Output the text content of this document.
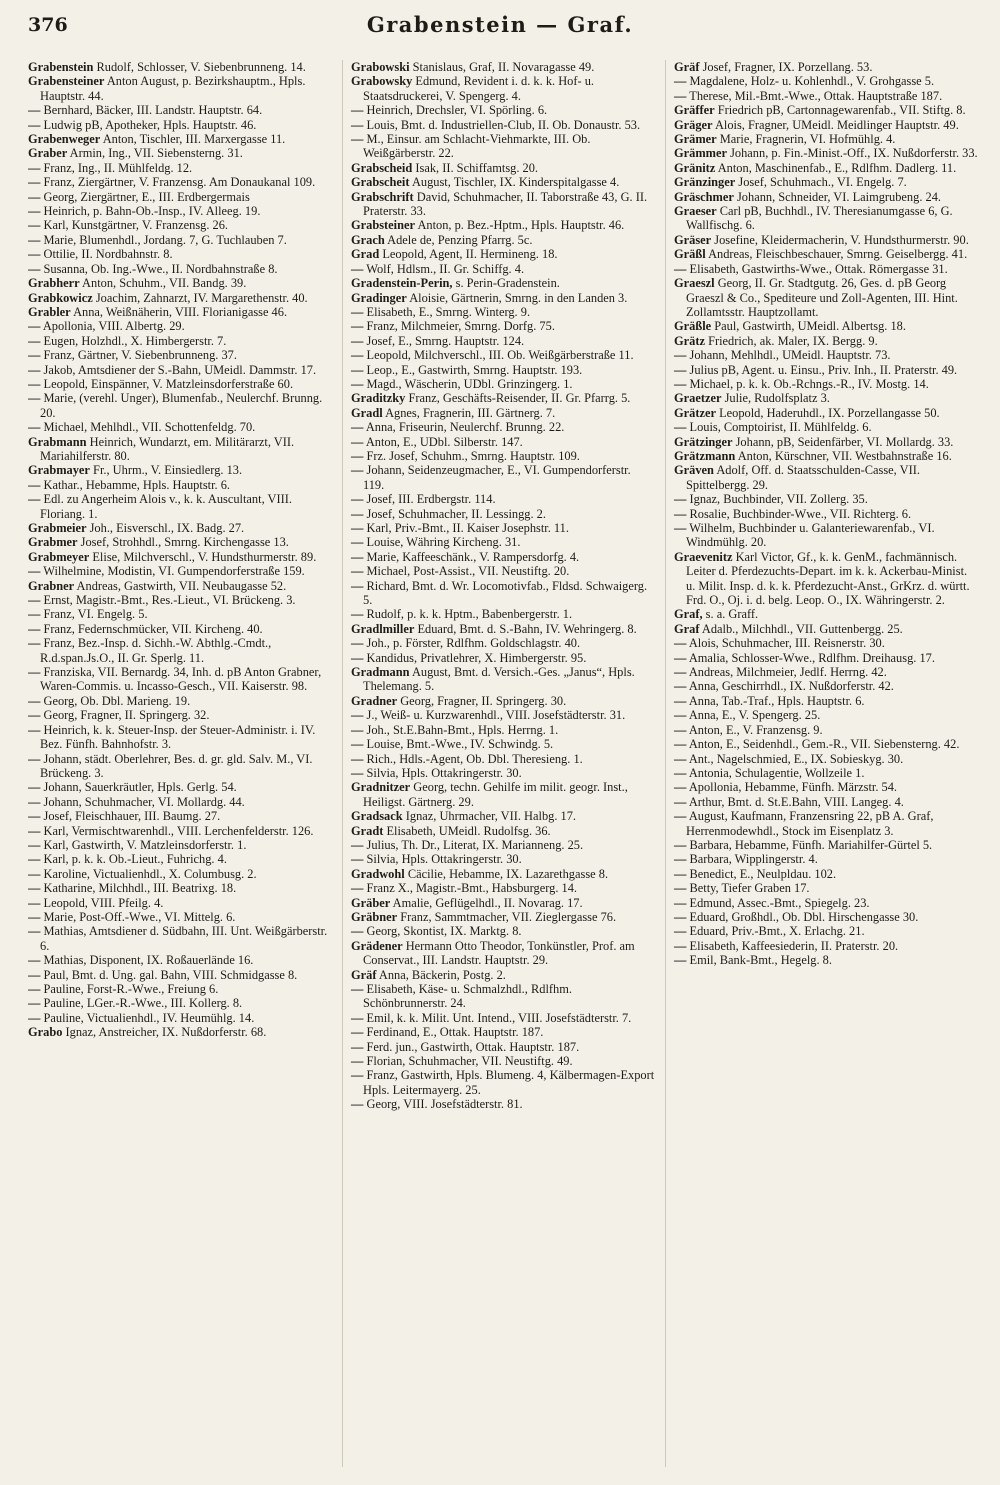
376	Grabenstein — Graf.
Grabenstein Rudolf, Schlosser, V. Siebenbrunneng. 14.
Grabensteiner Anton August, p. Bezirkshauptm., Hpls. Hauptstr. 44.
— Bernhard, Bäcker, III. Landstr. Hauptstr. 64.
— Ludwig pB, Apotheker, Hpls. Hauptstr. 46.
Grabenweger Anton, Tischler, III. Marxergasse 11.
Graber Armin, Ing., VII. Siebensterng. 31.
— Franz, Ing., II. Mühlfeldg. 12.
— Franz, Ziergärtner, V. Franzensg. Am Donaukanal 109.
— Georg, Ziergärtner, E., III. Erdbergermais
— Heinrich, p. Bahn-Ob.-Insp., IV. Alleeg. 19.
— Karl, Kunstgärtner, V. Franzensg. 26.
— Marie, Blumenhdl., Jordang. 7, G. Tuchlauben 7.
— Ottilie, II. Nordbahnstr. 8.
— Susanna, Ob. Ing.-Wwe., II. Nordbahnstraße 8.
Grabherr Anton, Schuhm., VII. Bandg. 39.
Grabkowicz Joachim, Zahnarzt, IV. Margarethenstr. 40.
Grabler Anna, Weißnäherin, VIII. Florianigasse 46.
— Apollonia, VIII. Albertg. 29.
— Eugen, Holzhdl., X. Himbergerstr. 7.
— Franz, Gärtner, V. Siebenbrunneng. 37.
— Jakob, Amtsdiener der S.-Bahn, UMeidl. Dammstr. 17.
— Leopold, Einspänner, V. Matzleinsdorferstraße 60.
— Marie, (verehl. Unger), Blumenfab., Neulerchf. Brunng. 20.
— Michael, Mehlhdl., VII. Schottenfeldg. 70.
Grabmann Heinrich, Wundarzt, em. Militärarzt, VII. Mariahilferstr. 80.
Grabmayer Fr., Uhrm., V. Einsiedlerg. 13.
— Kathar., Hebamme, Hpls. Hauptstr. 6.
— Edl. zu Angerheim Alois v., k. k. Auscultant, VIII. Floriang. 1.
Grabmeier Joh., Eisverschl., IX. Badg. 27.
Grabmer Josef, Strohhdl., Smrng. Kirchengasse 13.
Grabmeyer Elise, Milchverschl., V. Hundsthurmerstr. 89.
— Wilhelmine, Modistin, VI. Gumpendorferstraße 159.
Grabner Andreas, Gastwirth, VII. Neubaugasse 52.
— Ernst, Magistr.-Bmt., Res.-Lieut., VI. Brückeng. 3.
— Franz, VI. Engelg. 5.
— Franz, Federnschmücker, VII. Kircheng. 40.
— Franz, Bez.-Insp. d. Sichh.-W. Abthlg.-Cmdt., R.d.span.Js.O., II. Gr. Sperlg. 11.
— Franziska, VII. Bernardg. 34, Inh. d. pB Anton Grabner, Waren-Commis. u. Incasso-Gesch., VII. Kaiserstr. 98.
— Georg, Ob. Dbl. Marieng. 19.
— Georg, Fragner, II. Springerg. 32.
— Heinrich, k. k. Steuer-Insp. der Steuer-Administr. i. IV. Bez. Fünfh. Bahnhofstr. 3.
— Johann, städt. Oberlehrer, Bes. d. gr. gld. Salv. M., VI. Brückeng. 3.
— Johann, Sauerkräutler, Hpls. Gerlg. 54.
— Johann, Schuhmacher, VI. Mollardg. 44.
— Josef, Fleischhauer, III. Baumg. 27.
— Karl, Vermischtwarenhdl., VIII. Lerchenfelderstr. 126.
— Karl, Gastwirth, V. Matzleinsdorferstr. 1.
— Karl, p. k. k. Ob.-Lieut., Fuhrichg. 4.
— Karoline, Victualienhdl., X. Columbusg. 2.
— Katharine, Milchhdl., III. Beatrixg. 18.
— Leopold, VIII. Pfeilg. 4.
— Marie, Post-Off.-Wwe., VI. Mittelg. 6.
— Mathias, Amtsdiener d. Südbahn, III. Unt. Weißgärberstr. 6.
— Mathias, Disponent, IX. Roßauerlände 16.
— Paul, Bmt. d. Ung. gal. Bahn, VIII. Schmidgasse 8.
— Pauline, Forst-R.-Wwe., Freiung 6.
— Pauline, LGer.-R.-Wwe., III. Kollerg. 8.
— Pauline, Victualienhdl., IV. Heumühlg. 14.
Grabo Ignaz, Anstreicher, IX. Nußdorferstr. 68.
Grabowski Stanislaus, Graf, II. Novaragasse 49.
Grabowsky Edmund, Revident i. d. k. k. Hof- u. Staatsdruckerei, V. Spengerg. 4.
— Heinrich, Drechsler, VI. Spörling. 6.
— Louis, Bmt. d. Industriellen-Club, II. Ob. Donaustr. 53.
— M., Einsur. am Schlacht-Viehmarkte, III. Ob. Weißgärberstr. 22.
Grabscheid Isak, II. Schiffamtsg. 20.
Grabscheit August, Tischler, IX. Kinderspitalgasse 4.
Grabschrift David, Schuhmacher, II. Taborstraße 43, G. II. Praterstr. 33.
Grabsteiner Anton, p. Bez.-Hptm., Hpls. Hauptstr. 46.
Grach Adele de, Penzing Pfarrg. 5c.
Grad Leopold, Agent, II. Hermineng. 18.
— Wolf, Hdlsm., II. Gr. Schiffg. 4.
Gradenstein-Perin, s. Perin-Gradenstein.
Gradinger Aloisie, Gärtnerin, Smrng. in den Landen 3.
— Elisabeth, E., Smrng. Winterg. 9.
— Franz, Milchmeier, Smrng. Dorfg. 75.
— Josef, E., Smrng. Hauptstr. 124.
— Leopold, Milchverschl., III. Ob. Weißgärberstraße 11.
— Leop., E., Gastwirth, Smrng. Hauptstr. 193.
— Magd., Wäscherin, UDbl. Grinzingerg. 1.
Graditzky Franz, Geschäfts-Reisender, II. Gr. Pfarrg. 5.
Gradl Agnes, Fragnerin, III. Gärtnerg. 7.
— Anna, Friseurin, Neulerchf. Brunng. 22.
— Anton, E., UDbl. Silberstr. 147.
— Frz. Josef, Schuhm., Smrng. Hauptstr. 109.
— Johann, Seidenzeugmacher, E., VI. Gumpendorferstr. 119.
— Josef, III. Erdbergstr. 114.
— Josef, Schuhmacher, II. Lessingg. 2.
— Karl, Priv.-Bmt., II. Kaiser Josephstr. 11.
— Louise, Währing Kircheng. 31.
— Marie, Kaffeeschänk., V. Rampersdorfg. 4.
— Michael, Post-Assist., VII. Neustiftg. 20.
— Richard, Bmt. d. Wr. Locomotivfab., Fldsd. Schwaigerg. 5.
— Rudolf, p. k. k. Hptm., Babenbergerstr. 1.
Gradlmiller Eduard, Bmt. d. S.-Bahn, IV. Wehringerg. 8.
— Joh., p. Förster, Rdlfhm. Goldschlagstr. 40.
— Kandidus, Privatlehrer, X. Himbergerstr. 95.
Gradmann August, Bmt. d. Versich.-Ges. „Janus“, Hpls. Thelemang. 5.
Gradner Georg, Fragner, II. Springerg. 30.
— J., Weiß- u. Kurzwarenhdl., VIII. Josefstädterstr. 31.
— Joh., St.E.Bahn-Bmt., Hpls. Herrng. 1.
— Louise, Bmt.-Wwe., IV. Schwindg. 5.
— Rich., Hdls.-Agent, Ob. Dbl. Theresieng. 1.
— Silvia, Hpls. Ottakringerstr. 30.
Gradnitzer Georg, techn. Gehilfe im milit. geogr. Inst., Heiligst. Gärtnerg. 29.
Gradsack Ignaz, Uhrmacher, VII. Halbg. 17.
Gradt Elisabeth, UMeidl. Rudolfsg. 36.
— Julius, Th. Dr., Literat, IX. Marianneng. 25.
— Silvia, Hpls. Ottakringerstr. 30.
Gradwohl Cäcilie, Hebamme, IX. Lazarethgasse 8.
— Franz X., Magistr.-Bmt., Habsburgerg. 14.
Gräber Amalie, Geflügelhdl., II. Novarag. 17.
Gräbner Franz, Sammtmacher, VII. Zieglergasse 76.
— Georg, Skontist, IX. Marktg. 8.
Grädener Hermann Otto Theodor, Tonkünstler, Prof. am Conservat., III. Landstr. Hauptstr. 29.
Gräf Anna, Bäckerin, Postg. 2.
— Elisabeth, Käse- u. Schmalzhdl., Rdlfhm. Schönbrunnerstr. 24.
— Emil, k. k. Milit. Unt. Intend., VIII. Josefstädterstr. 7.
— Ferdinand, E., Ottak. Hauptstr. 187.
— Ferd. jun., Gastwirth, Ottak. Hauptstr. 187.
— Florian, Schuhmacher, VII. Neustiftg. 49.
— Franz, Gastwirth, Hpls. Blumeng. 4, Kälbermagen-Export Hpls. Leitermayerg. 25.
— Georg, VIII. Josefstädterstr. 81.
Gräf Josef, Fragner, IX. Porzellang. 53.
— Magdalene, Holz- u. Kohlenhdl., V. Grohgasse 5.
— Therese, Mil.-Bmt.-Wwe., Ottak. Hauptstraße 187.
Gräffer Friedrich pB, Cartonnagewarenfab., VII. Stiftg. 8.
Gräger Alois, Fragner, UMeidl. Meidlinger Hauptstr. 49.
Grämer Marie, Fragnerin, VI. Hofmühlg. 4.
Grämmer Johann, p. Fin.-Minist.-Off., IX. Nußdorferstr. 33.
Gränitz Anton, Maschinenfab., E., Rdlfhm. Dadlerg. 11.
Gränzinger Josef, Schuhmach., VI. Engelg. 7.
Gräschmer Johann, Schneider, VI. Laimgrubeng. 24.
Graeser Carl pB, Buchhdl., IV. Theresianumgasse 6, G. Wallfischg. 6.
Gräser Josefine, Kleidermacherin, V. Hundsthurmerstr. 90.
Gräßl Andreas, Fleischbeschauer, Smrng. Geiselbergg. 41.
— Elisabeth, Gastwirths-Wwe., Ottak. Römergasse 31.
Graeszl Georg, II. Gr. Stadtgutg. 26, Ges. d. pB Georg Graeszl & Co., Spediteure und Zoll-Agenten, III. Hint. Zollamtsstr. Hauptzollamt.
Gräßle Paul, Gastwirth, UMeidl. Albertsg. 18.
Grätz Friedrich, ak. Maler, IX. Bergg. 9.
— Johann, Mehlhdl., UMeidl. Hauptstr. 73.
— Julius pB, Agent. u. Einsu., Priv. Inh., II. Praterstr. 49.
— Michael, p. k. k. Ob.-Rchngs.-R., IV. Mostg. 14.
Graetzer Julie, Rudolfsplatz 3.
Grätzer Leopold, Haderuhdl., IX. Porzellangasse 50.
— Louis, Comptoirist, II. Mühlfeldg. 6.
Grätzinger Johann, pB, Seidenfärber, VI. Mollardg. 33.
Grätzmann Anton, Kürschner, VII. Westbahnstraße 16.
Gräven Adolf, Off. d. Staatsschulden-Casse, VII. Spittelbergg. 29.
— Ignaz, Buchbinder, VII. Zollerg. 35.
— Rosalie, Buchbinder-Wwe., VII. Richterg. 6.
— Wilhelm, Buchbinder u. Galanteriewarenfab., VI. Windmühlg. 20.
Graevenitz Karl Victor, Gf., k. k. GenM., fachmännisch. Leiter d. Pferdezuchts-Depart. im k. k. Ackerbau-Minist. u. Milit. Insp. d. k. k. Pferdezucht-Anst., GrKrz. d. württ. Frd. O., Oj. i. d. belg. Leop. O., IX. Währingerstr. 2.
Graf, s. a. Graff.
Graf Adalb., Milchhdl., VII. Guttenbergg. 25.
— Alois, Schuhmacher, III. Reisnerstr. 30.
— Amalia, Schlosser-Wwe., Rdlfhm. Dreihausg. 17.
— Andreas, Milchmeier, Jedlf. Herrng. 42.
— Anna, Geschirrhdl., IX. Nußdorferstr. 42.
— Anna, Tab.-Traf., Hpls. Hauptstr. 6.
— Anna, E., V. Spengerg. 25.
— Anton, E., V. Franzensg. 9.
— Anton, E., Seidenhdl., Gem.-R., VII. Siebensterng. 42.
— Ant., Nagelschmied, E., IX. Sobieskyg. 30.
— Antonia, Schulagentie, Wollzeile 1.
— Apollonia, Hebamme, Fünfh. Märzstr. 54.
— Arthur, Bmt. d. St.E.Bahn, VIII. Langeg. 4.
— August, Kaufmann, Franzensring 22, pB A. Graf, Herrenmodewhdl., Stock im Eisenplatz 3.
— Barbara, Hebamme, Fünfh. Mariahilfer-Gürtel 5.
— Barbara, Wipplingerstr. 4.
— Benedict, E., Neulpldau. 102.
— Betty, Tiefer Graben 17.
— Edmund, Assec.-Bmt., Spiegelg. 23.
— Eduard, Großhdl., Ob. Dbl. Hirschengasse 30.
— Eduard, Priv.-Bmt., X. Erlachg. 21.
— Elisabeth, Kaffeesiederin, II. Praterstr. 20.
— Emil, Bank-Bmt., Hegelg. 8.
